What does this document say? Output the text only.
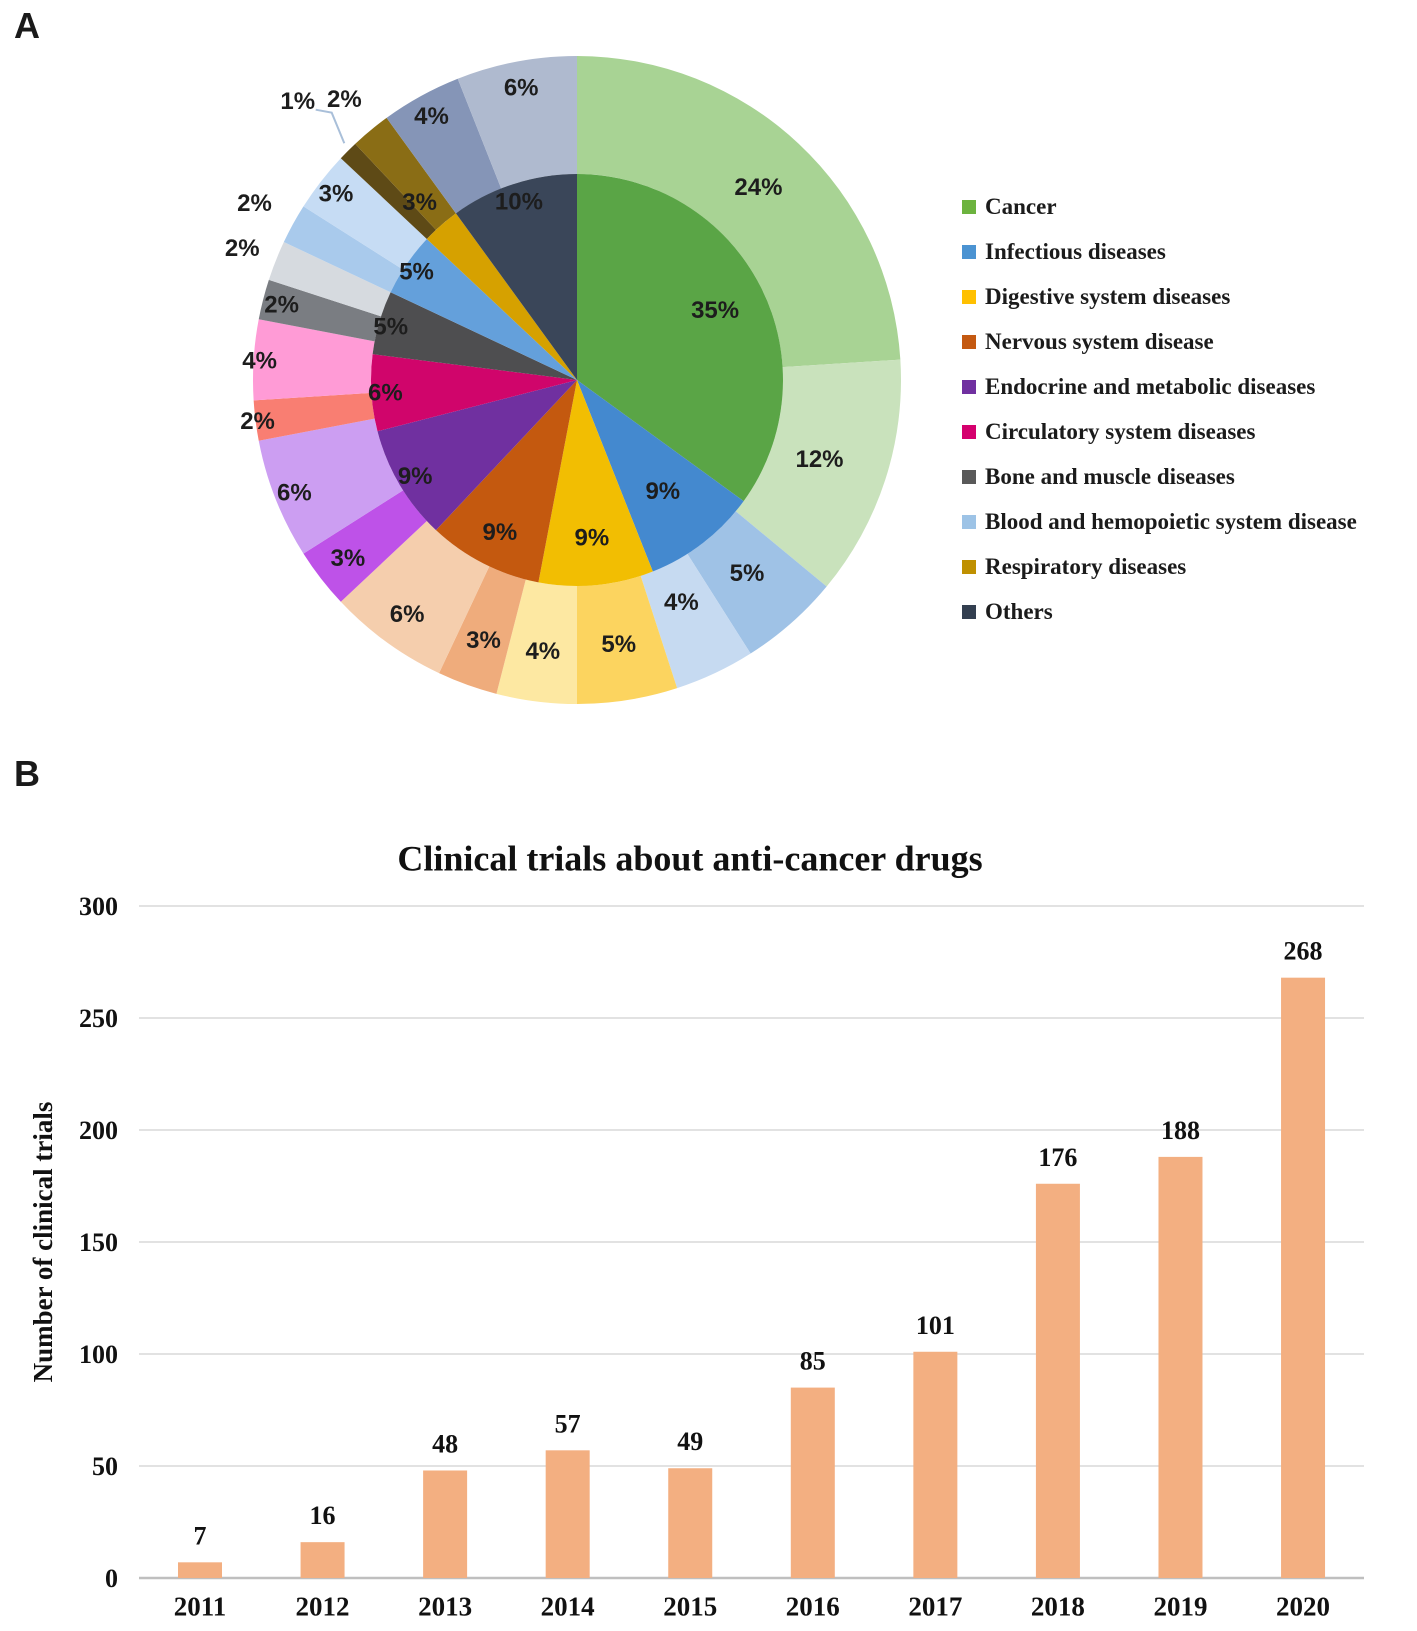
A
35%
9%
9%
9%
9%
6%
5%
5%
3% 10%
24%
12%
5%
4%
5%
4%
3%
6%
3%
6%
2%
4%
2%
2%
2% 3%
1% 2%
4%
6%
Cancer
Infectious diseases
Digestive system diseases
Nervous system disease
Endocrine and metabolic diseases
Circulatory system diseases
Bone and muscle diseases
Blood and hemopoietic system disease
Respiratory diseases
Others
B
Clinical trials about anti-cancer drugs
0
50
100
150
200
250
300
Number of clinical trials
7
2011
16
2012
48
2013
57
2014
49
2015
85
2016
101
2017
176
2018
188
2019
268
2020
